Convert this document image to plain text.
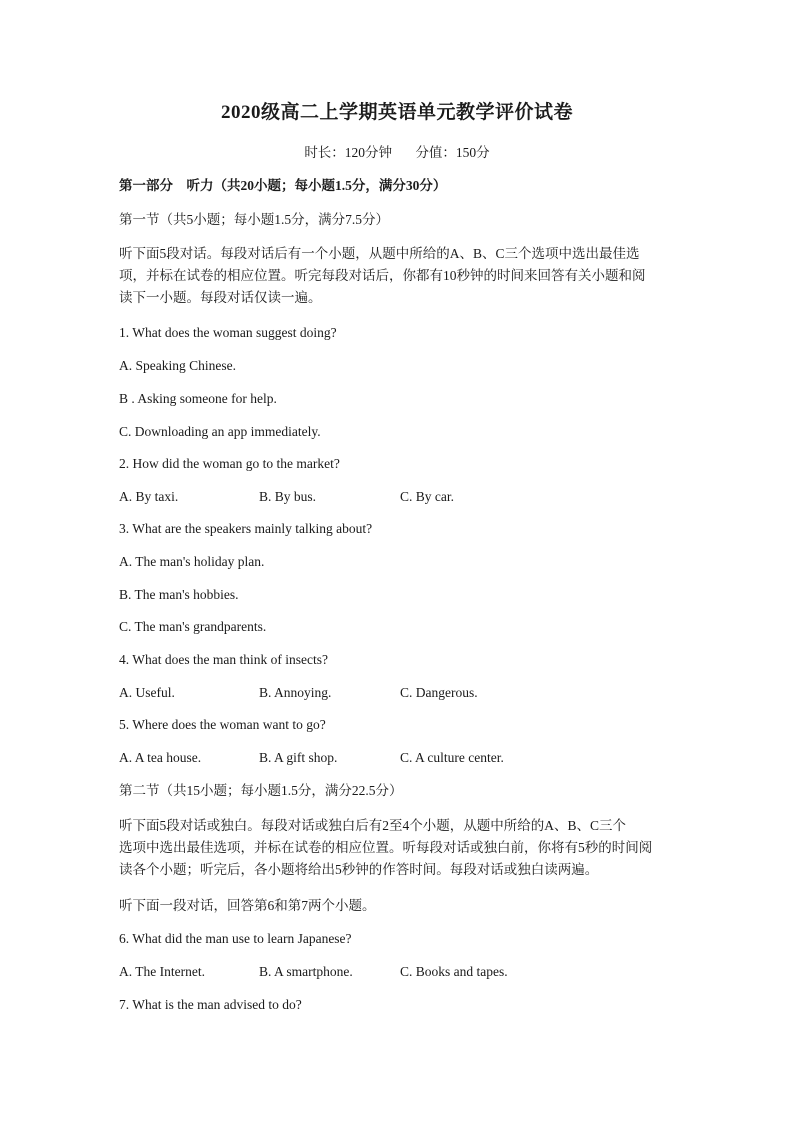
2020级高二上学期英语单元教学评价试卷
时长：120分钟 分值：150分
第一部分　听力（共20小题；每小题1.5分，满分30分）
第一节（共5小题；每小题1.5分，满分7.5分）
听下面5段对话。每段对话后有一个小题，从题中所给的A、B、C三个选项中选出最佳选
项，并标在试卷的相应位置。听完每段对话后，你都有10秒钟的时间来回答有关小题和阅
读下一小题。每段对话仅读一遍。
1. What does the woman suggest doing?
A. Speaking Chinese.
B . Asking someone for help.
C. Downloading an app immediately.
2. How did the woman go to the market?
A. By taxi.	B. By bus.	C. By car.
3. What are the speakers mainly talking about?
A. The man's holiday plan.
B. The man's hobbies.
C. The man's grandparents.
4. What does the man think of insects?
A. Useful.	B. Annoying.	C. Dangerous.
5. Where does the woman want to go?
A. A tea house.	B. A gift shop.	C. A culture center.
第二节（共15小题；每小题1.5分，满分22.5分）
听下面5段对话或独白。每段对话或独白后有2至4个小题，从题中所给的A、B、C三个
选项中选出最佳选项，并标在试卷的相应位置。听每段对话或独白前，你将有5秒的时间阅
读各个小题；听完后，各小题将给出5秒钟的作答时间。每段对话或独白读两遍。
听下面一段对话，回答第6和第7两个小题。
6. What did the man use to learn Japanese?
A. The Internet.	B. A smartphone.	C. Books and tapes.
7. What is the man advised to do?
